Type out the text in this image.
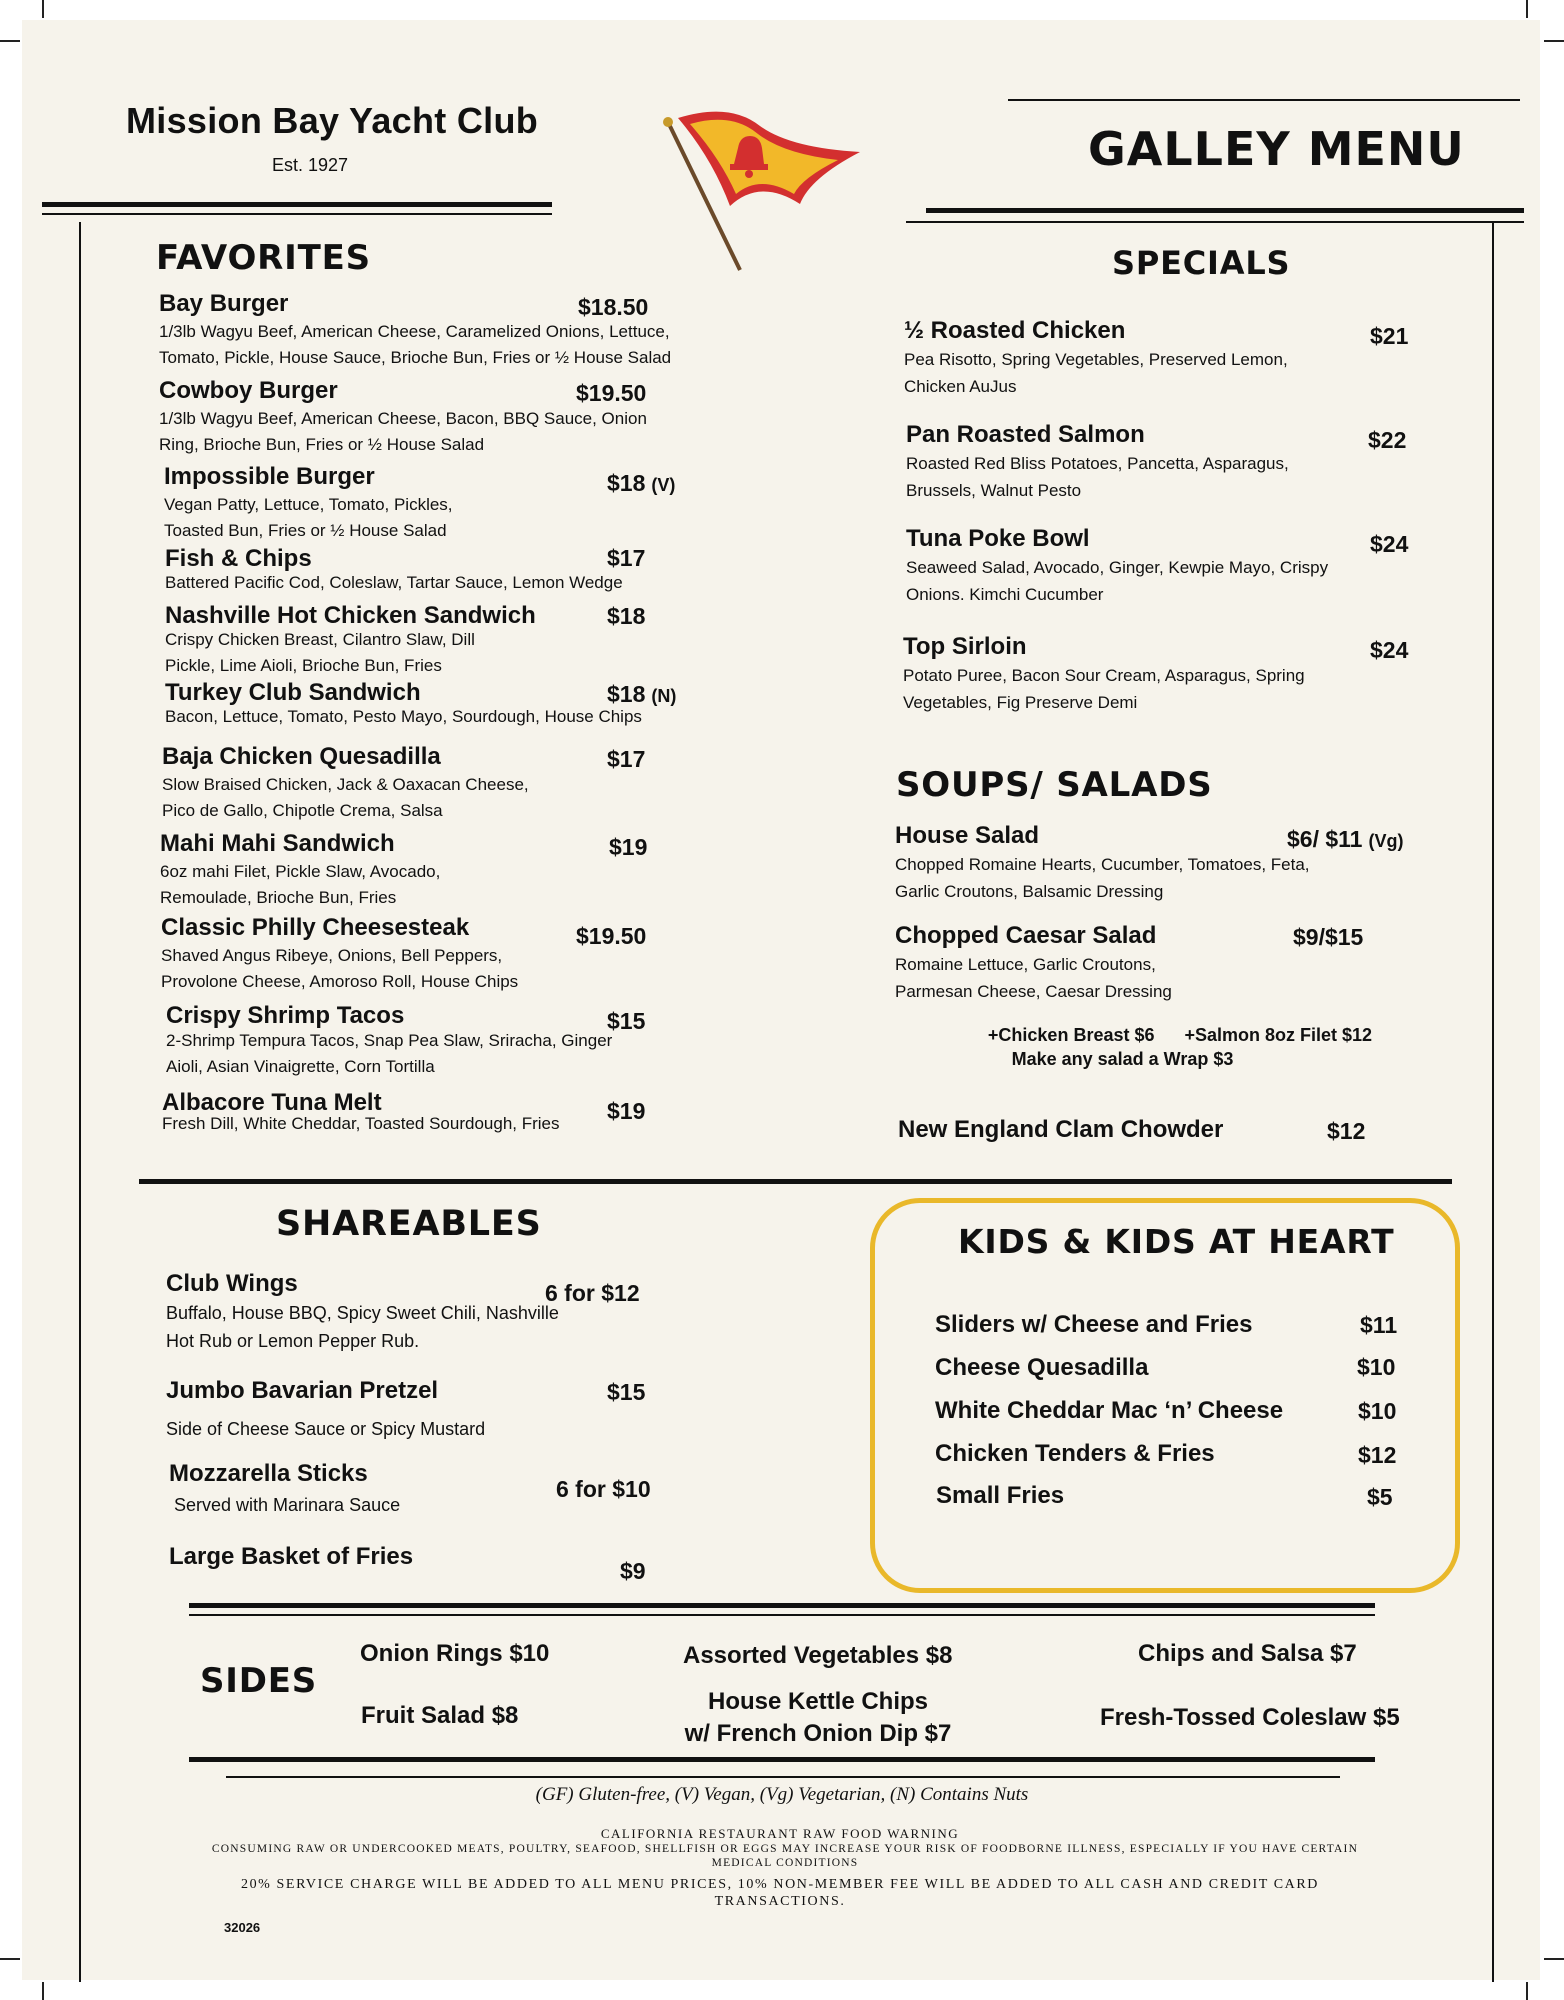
Mission Bay Yacht Club
Est. 1927	GALLEY MENU
FAVORITES
Bay Burger
1/3lb Wagyu Beef, American Cheese, Caramelized Onions, Lettuce, Tomato, Pickle, House Sauce, Brioche Bun, Fries or ½ House Salad
$18.50
Cowboy Burger
1/3lb Wagyu Beef, American Cheese, Bacon, BBQ Sauce, Onion Ring, Brioche Bun, Fries or ½ House Salad
$19.50
Impossible Burger
Vegan Patty, Lettuce, Tomato, Pickles, Toasted Bun, Fries or ½ House Salad
$18 (V)
Fish & Chips
Battered Pacific Cod, Coleslaw, Tartar Sauce, Lemon Wedge
$17
Nashville Hot Chicken Sandwich
Crispy Chicken Breast, Cilantro Slaw, Dill Pickle, Lime Aioli, Brioche Bun, Fries
$18
Turkey Club Sandwich
Bacon, Lettuce, Tomato, Pesto Mayo, Sourdough, House Chips
$18 (N)
Baja Chicken Quesadilla
Slow Braised Chicken, Jack & Oaxacan Cheese, Pico de Gallo, Chipotle Crema, Salsa
$17
Mahi Mahi Sandwich
6oz mahi Filet, Pickle Slaw, Avocado, Remoulade, Brioche Bun, Fries
$19
Classic Philly Cheesesteak
Shaved Angus Ribeye, Onions, Bell Peppers, Provolone Cheese, Amoroso Roll, House Chips
$19.50
Crispy Shrimp Tacos
2-Shrimp Tempura Tacos, Snap Pea Slaw, Sriracha, Ginger Aioli, Asian Vinaigrette, Corn Tortilla
$15
Albacore Tuna Melt
Fresh Dill, White Cheddar, Toasted Sourdough, Fries	$19
SPECIALS
½ Roasted Chicken
Pea Risotto, Spring Vegetables, Preserved Lemon, Chicken AuJus
$21
Pan Roasted Salmon
Roasted Red Bliss Potatoes, Pancetta, Asparagus, Brussels, Walnut Pesto
$22
Tuna Poke Bowl
Seaweed Salad, Avocado, Ginger, Kewpie Mayo, Crispy Onions. Kimchi Cucumber
$24
Top Sirloin
Potato Puree, Bacon Sour Cream, Asparagus, Spring Vegetables, Fig Preserve Demi
$24
SOUPS/ SALADS
House Salad
Chopped Romaine Hearts, Cucumber, Tomatoes, Feta, Garlic Croutons, Balsamic Dressing
$6/ $11 (Vg)
Chopped Caesar Salad
Romaine Lettuce, Garlic Croutons, Parmesan Cheese, Caesar Dressing
$9/$15
+Chicken Breast $6      +Salmon 8oz Filet $12
Make any salad a Wrap $3
New England Clam Chowder	$12
SHAREABLES
Club Wings
Buffalo, House BBQ, Spicy Sweet Chili, Nashville Hot Rub or Lemon Pepper Rub.
6 for $12
Jumbo Bavarian Pretzel
Side of Cheese Sauce or Spicy Mustard
$15
Mozzarella Sticks
Served with Marinara Sauce
6 for $10
Large Basket of Fries
$9
KIDS & KIDS AT HEART
Sliders w/ Cheese and Fries	$11
Cheese Quesadilla	$10
White Cheddar Mac ‘n’ Cheese	$10
Chicken Tenders & Fries	$12
Small Fries	$5
SIDES
Onion Rings $10
Fruit Salad $8
Assorted Vegetables $8
House Kettle Chips
w/ French Onion Dip $7
Chips and Salsa $7
Fresh-Tossed Coleslaw $5
(GF) Gluten-free, (V) Vegan, (Vg) Vegetarian, (N) Contains Nuts
CALIFORNIA RESTAURANT RAW FOOD WARNING
CONSUMING RAW OR UNDERCOOKED MEATS, POULTRY, SEAFOOD, SHELLFISH OR EGGS MAY INCREASE YOUR RISK OF FOODBORNE ILLNESS, ESPECIALLY IF YOU HAVE CERTAIN MEDICAL CONDITIONS
20% SERVICE CHARGE WILL BE ADDED TO ALL MENU PRICES, 10% NON-MEMBER FEE WILL BE ADDED TO ALL CASH AND CREDIT CARD TRANSACTIONS.
32026
